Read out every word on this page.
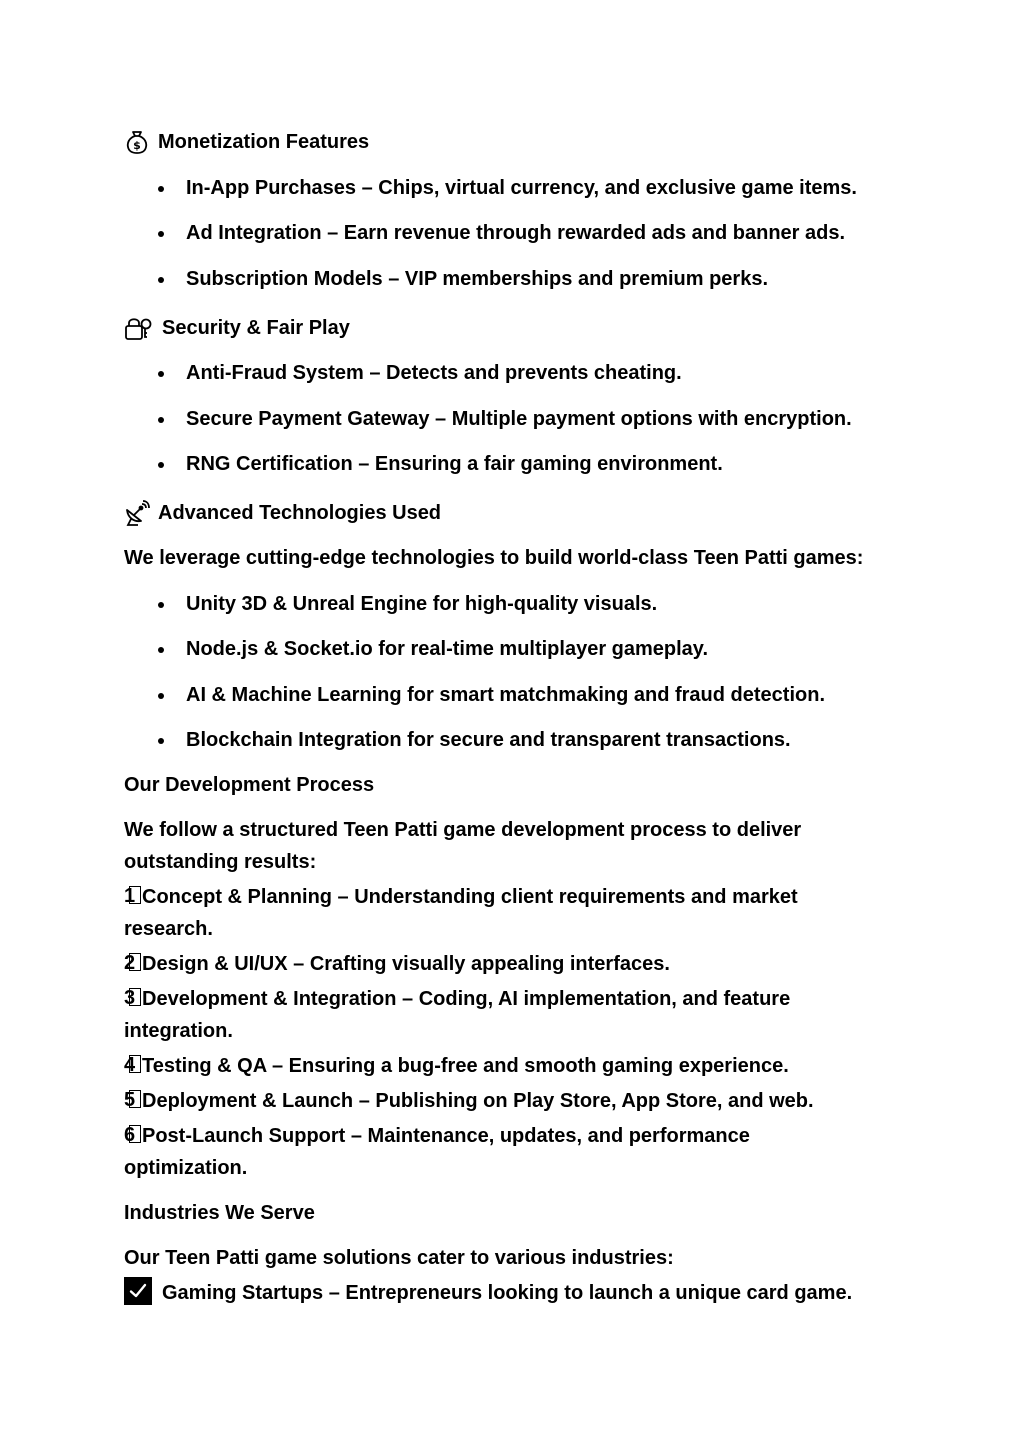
$ Monetization Features
In-App Purchases – Chips, virtual currency, and exclusive game items.
Ad Integration – Earn revenue through rewarded ads and banner ads.
Subscription Models – VIP memberships and premium perks.
Security & Fair Play
Anti-Fraud System – Detects and prevents cheating.
Secure Payment Gateway – Multiple payment options with encryption.
RNG Certification – Ensuring a fair gaming environment.
Advanced Technologies Used

We leverage cutting-edge technologies to build world-class Teen Patti games:

Unity 3D & Unreal Engine for high-quality visuals.
Node.js & Socket.io for real-time multiplayer gameplay.
AI & Machine Learning for smart matchmaking and fraud detection.
Blockchain Integration for secure and transparent transactions.

Our Development Process

We follow a structured Teen Patti game development process to deliver

outstanding results:

1 Concept & Planning – Understanding client requirements and market
research.
2 Design & UI/UX – Crafting visually appealing interfaces.
3 Development & Integration – Coding, AI implementation, and feature
integration.
4 Testing & QA – Ensuring a bug-free and smooth gaming experience.
5 Deployment & Launch – Publishing on Play Store, App Store, and web.
6 Post-Launch Support – Maintenance, updates, and performance
optimization.

Industries We Serve

Our Teen Patti game solutions cater to various industries:

Gaming Startups – Entrepreneurs looking to launch a unique card game.
